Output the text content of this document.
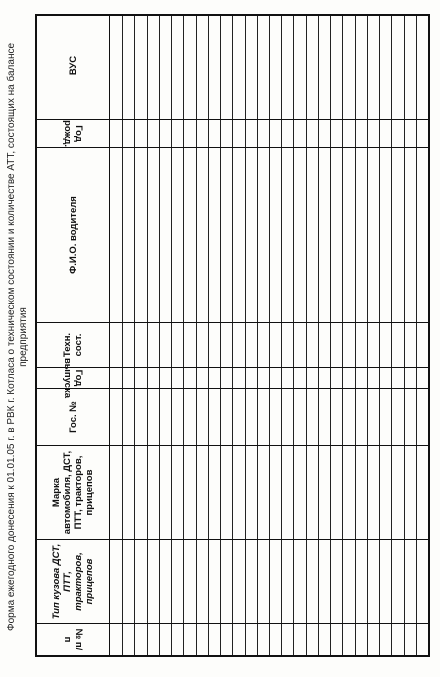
Форма ежегодного донесения к 01.01.05 г. в РВК г. Котласа о техническом состоянии и количестве АТТ, состоящих на балансе предприятия
№ п/п
Тип кузова ДСТ, ПТТ, тракторов, прицепов
Марка автомобиля, ДСТ, ПТТ, тракторов, прицепов
Гос. №
Год выпуска
Техн. сост.
Ф.И.О. водителя
Год рожд.
ВУС
